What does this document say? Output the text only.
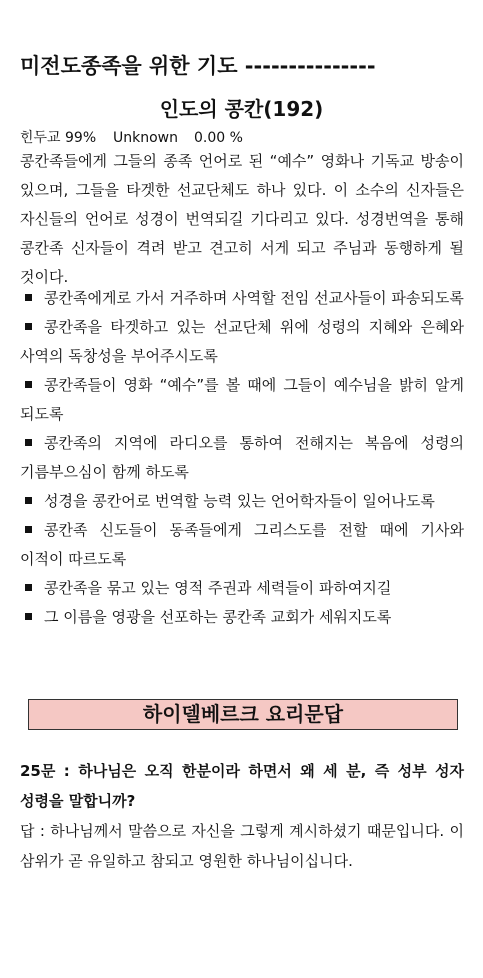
미전도종족을 위한 기도 ---------------
인도의 콩칸(192)
힌두교 99% Unknown 0.00 %
콩칸족들에게 그들의 종족 언어로 된 “예수” 영화나 기독교 방송이 있으며, 그들을 타겟한 선교단체도 하나 있다. 이 소수의 신자들은 자신들의 언어로 성경이 번역되길 기다리고 있다. 성경번역을 통해 콩칸족 신자들이 격려 받고 견고히 서게 되고 주님과 동행하게 될 것이다.
콩칸족에게로 가서 거주하며 사역할 전임 선교사들이 파송되도록
콩칸족을 타겟하고 있는 선교단체 위에 성령의 지혜와 은혜와 사역의 독창성을 부어주시도록
콩칸족들이 영화 “예수”를 볼 때에 그들이 예수님을 밝히 알게 되도록
콩칸족의 지역에 라디오를 통하여 전해지는 복음에 성령의 기름부으심이 함께 하도록
성경을 콩칸어로 번역할 능력 있는 언어학자들이 일어나도록
콩칸족 신도들이 동족들에게 그리스도를 전할 때에 기사와 이적이 따르도록
콩칸족을 묶고 있는 영적 주권과 세력들이 파하여지길
그 이름을 영광을 선포하는 콩칸족 교회가 세워지도록
하이델베르크 요리문답
25문 : 하나님은 오직 한분이라 하면서 왜 세 분, 즉 성부 성자 성령을 말합니까?
답 : 하나님께서 말씀으로 자신을 그렇게 계시하셨기 때문입니다. 이 삼위가 곧 유일하고 참되고 영원한 하나님이십니다.
